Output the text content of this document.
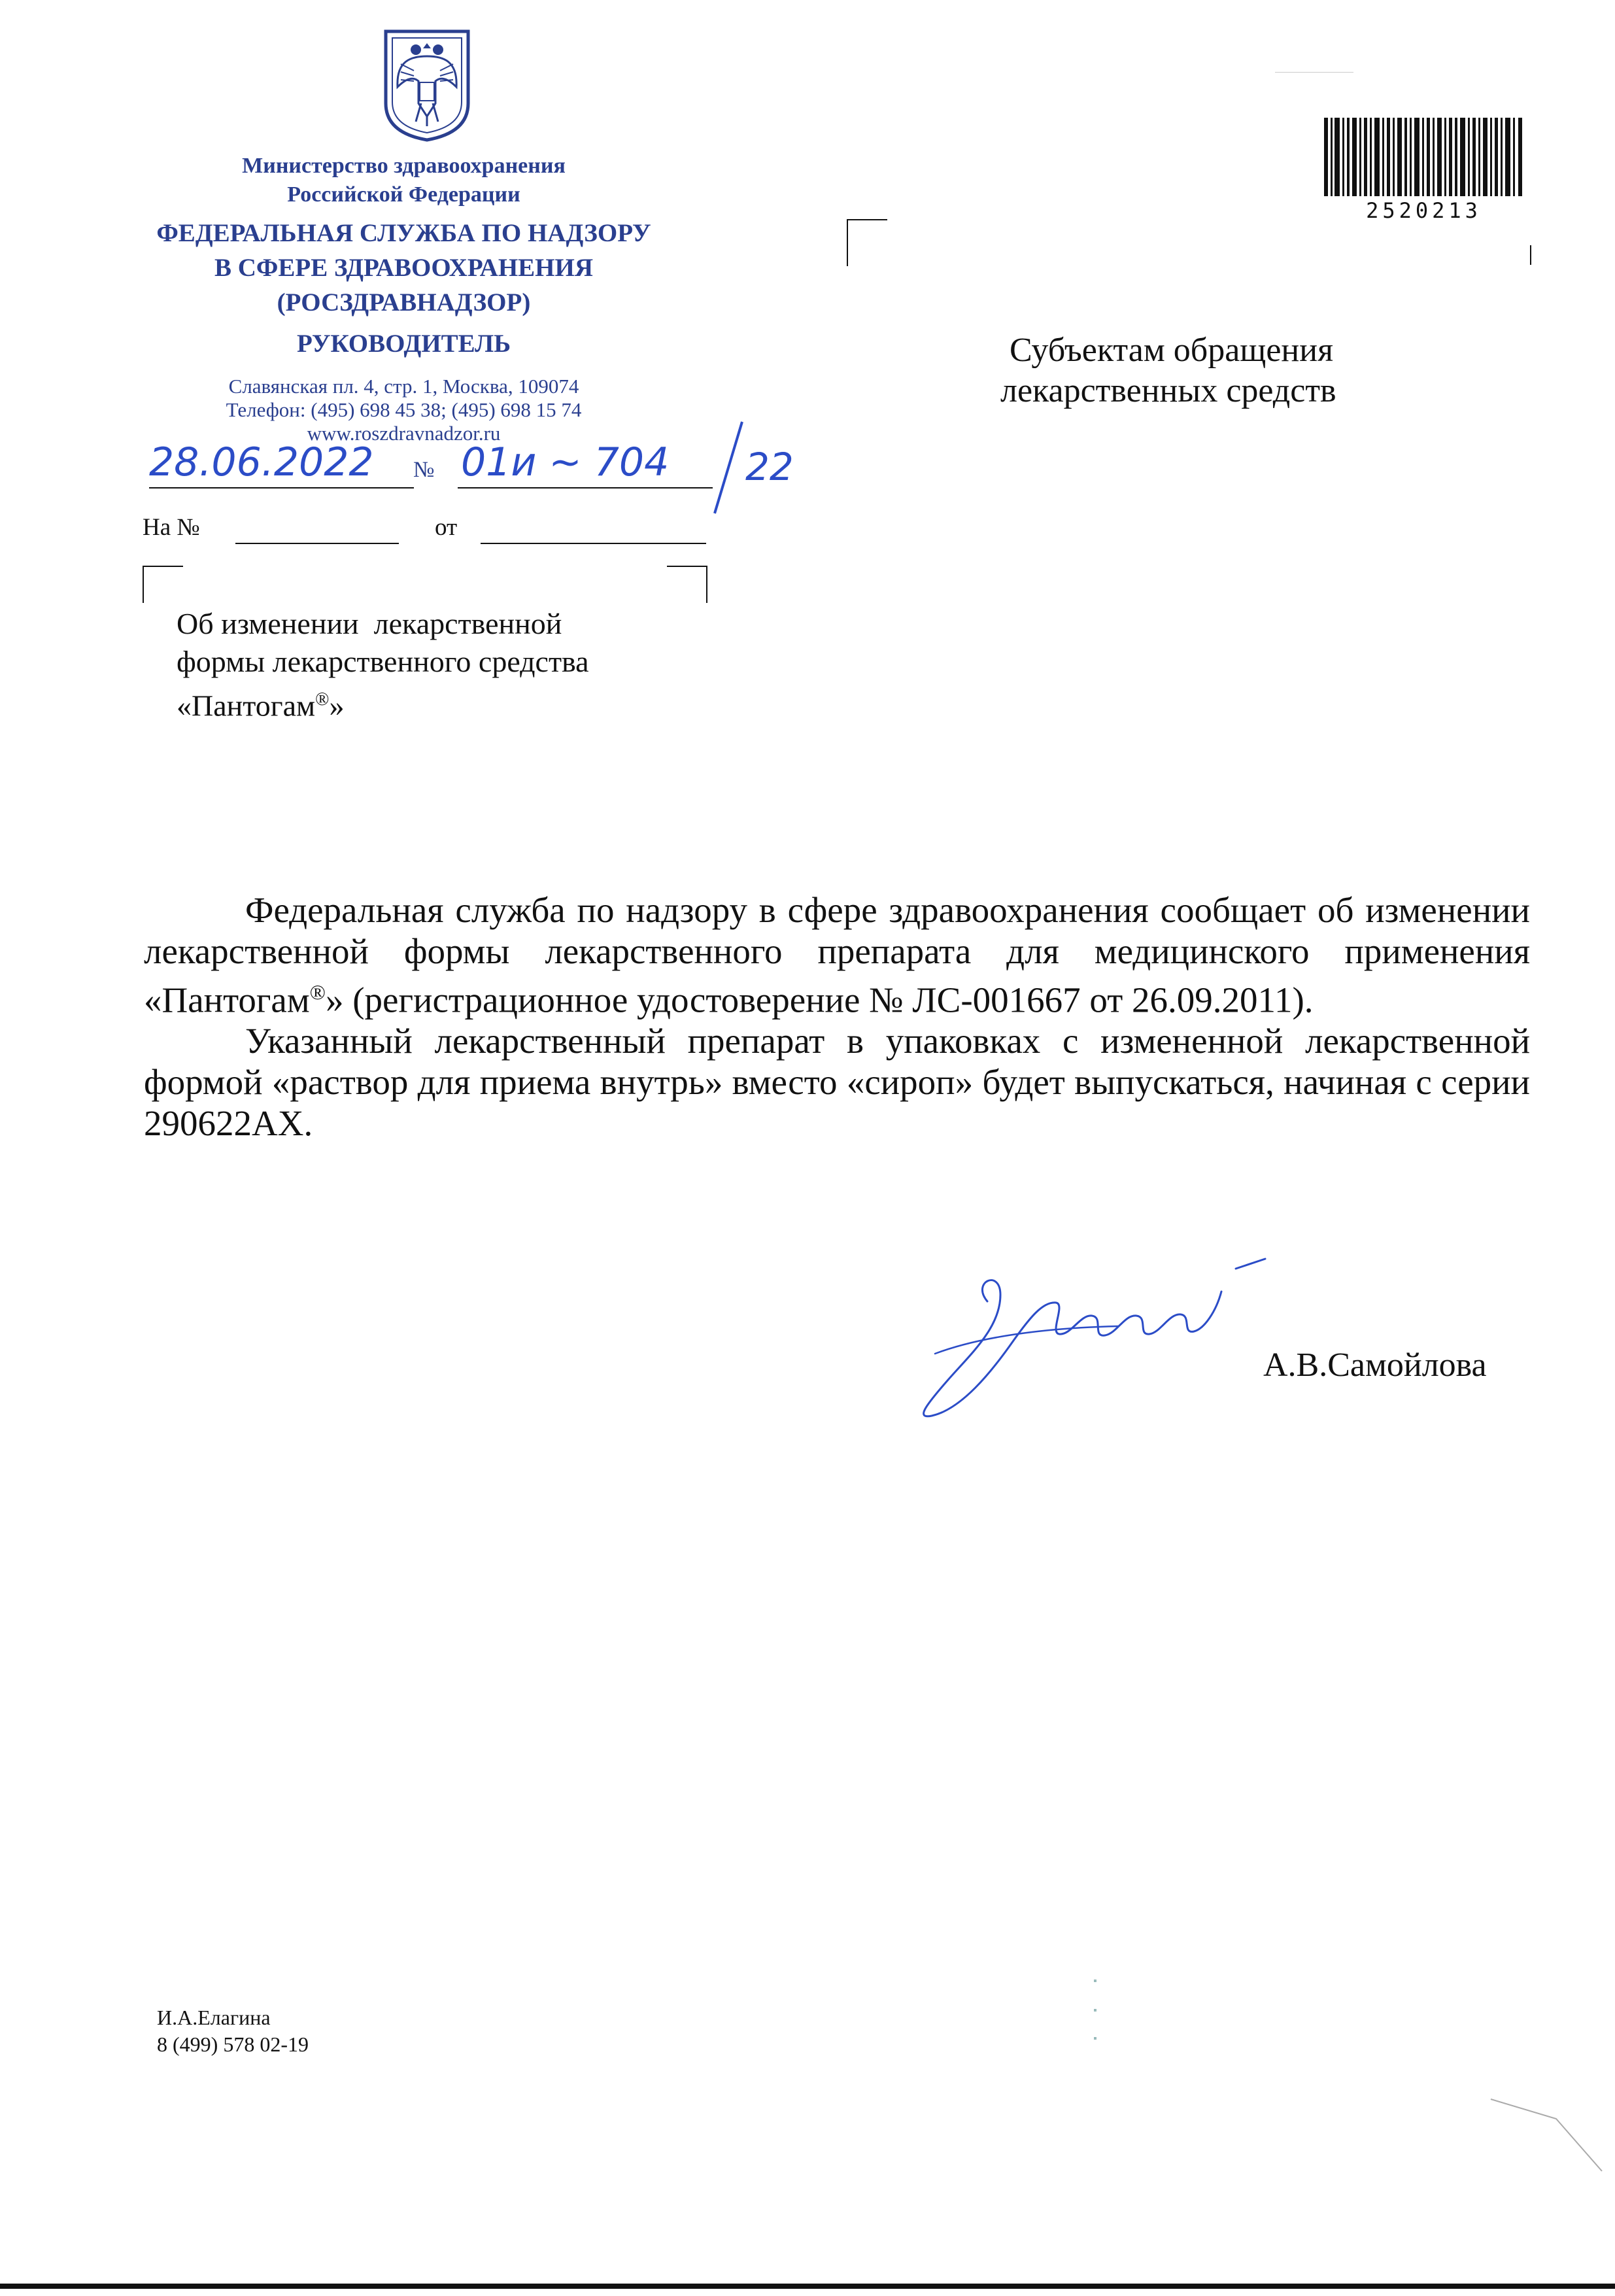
Министерство здравоохранения
Российской Федерации
ФЕДЕРАЛЬНАЯ СЛУЖБА ПО НАДЗОРУ
В СФЕРЕ ЗДРАВООХРАНЕНИЯ
(РОСЗДРАВНАДЗОР)
РУКОВОДИТЕЛЬ
Славянская пл. 4, стр. 1, Москва, 109074
Телефон: (495) 698 45 38; (495) 698 15 74
www.roszdravnadzor.ru
28.06.2022 № 01и ~ 704 22
На №	от
Об изменении  лекарственной
формы лекарственного средства
«Пантогам®»
2520213
Субъектам обращения
лекарственных средств

Федеральная служба по надзору в сфере здравоохранения сообщает об изменении лекарственной формы лекарственного препарата для медицинского применения «Пантогам®» (регистрационное удостоверение № ЛС-001667 от 26.09.2011).

Указанный лекарственный препарат в упаковках с измененной лекарственной формой «раствор для приема внутрь» вместо «сироп» будет выпускаться, начиная с серии 290622АХ.

А.В.Самойлова
И.А.Елагина
8 (499) 578 02-19
